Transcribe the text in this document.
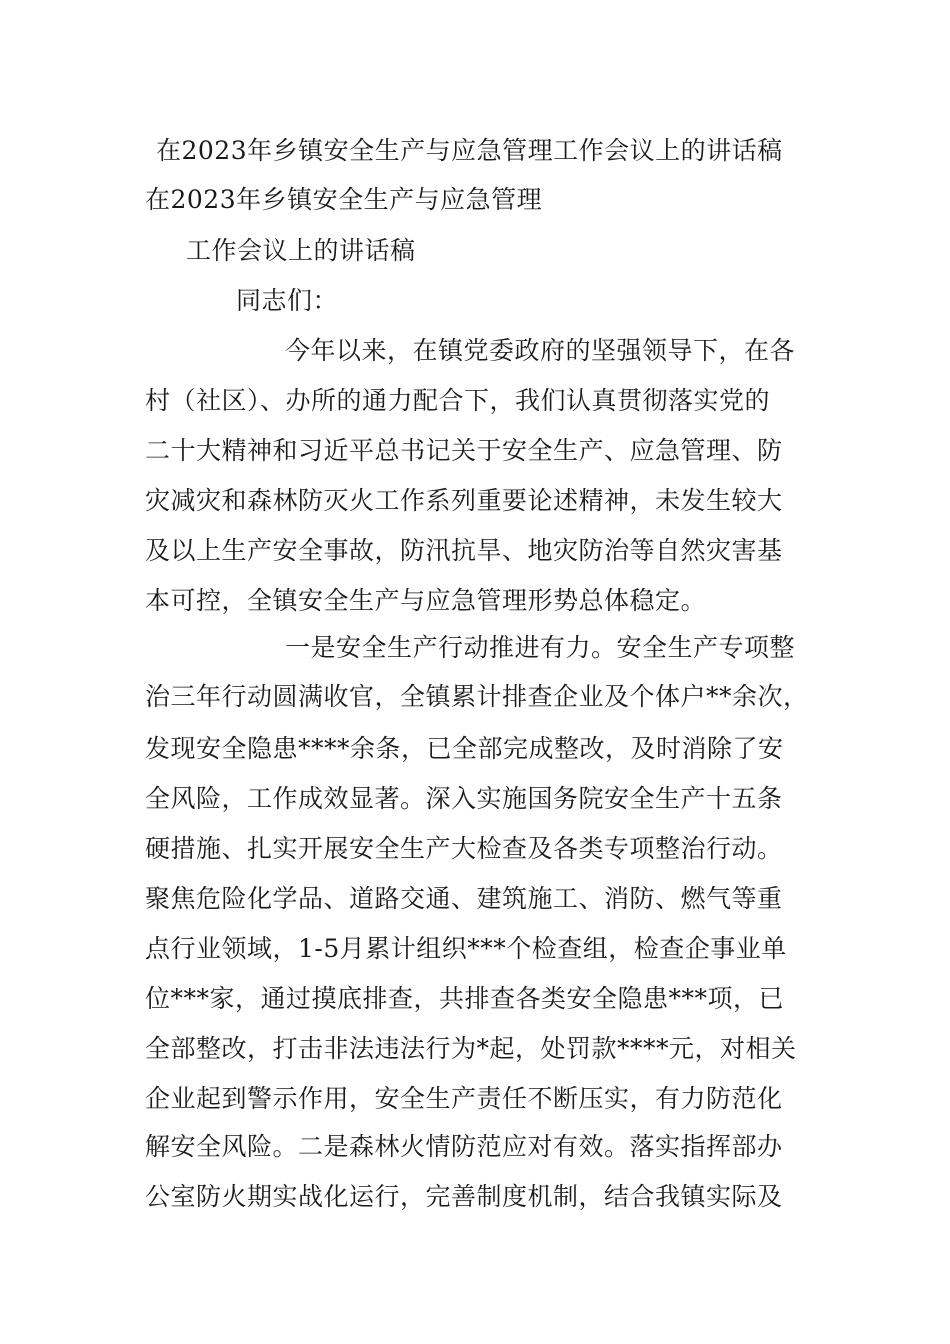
在2023年乡镇安全生产与应急管理工作会议上的讲话稿
在2023年乡镇安全生产与应急管理
工作会议上的讲话稿
同志们：
今年以来，在镇党委政府的坚强领导下，在各
村（社区）、办所的通力配合下，我们认真贯彻落实党的
二十大精神和习近平总书记关于安全生产、应急管理、防
灾减灾和森林防灭火工作系列重要论述精神，未发生较大
及以上生产安全事故，防汛抗旱、地灾防治等自然灾害基
本可控，全镇安全生产与应急管理形势总体稳定。
一是安全生产行动推进有力。安全生产专项整
治三年行动圆满收官，全镇累计排查企业及个体户**余次，
发现安全隐患****余条，已全部完成整改，及时消除了安
全风险，工作成效显著。深入实施国务院安全生产十五条
硬措施、扎实开展安全生产大检查及各类专项整治行动。
聚焦危险化学品、道路交通、建筑施工、消防、燃气等重
点行业领域，1-5月累计组织***个检查组，检查企事业单
位***家，通过摸底排查，共排查各类安全隐患***项，已
全部整改，打击非法违法行为*起，处罚款****元，对相关
企业起到警示作用，安全生产责任不断压实，有力防范化
解安全风险。二是森林火情防范应对有效。落实指挥部办
公室防火期实战化运行，完善制度机制，结合我镇实际及
